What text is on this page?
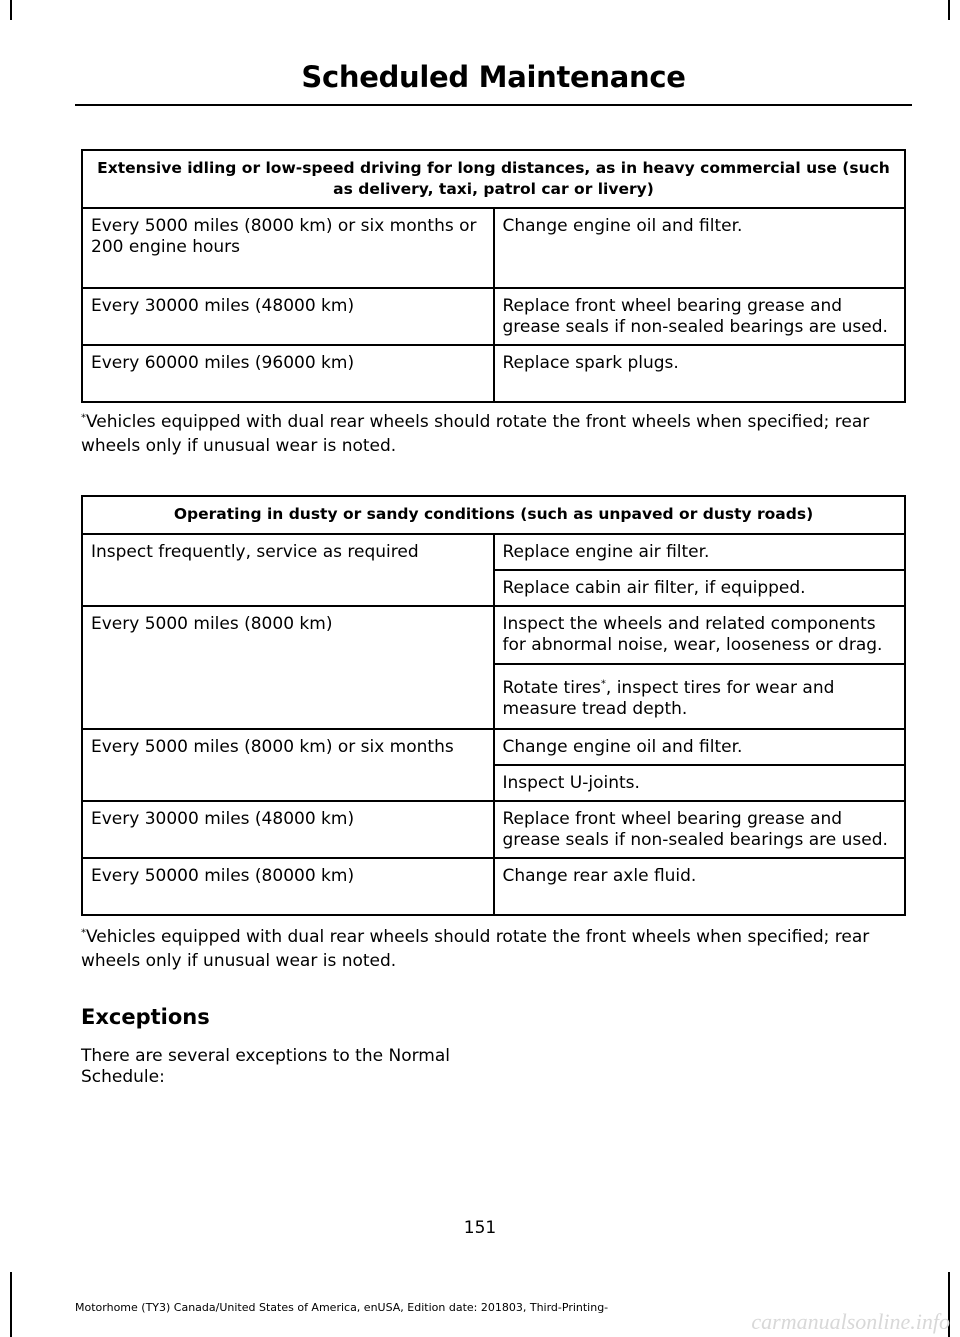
Scheduled Maintenance
Extensive idling or low-speed driving for long distances, as in heavy commercial use (such as delivery, taxi, patrol car or livery)	
Every 5000 miles (8000 km) or six months or 200 engine hours	Change engine oil and filter.
Every 30000 miles (48000 km)	Replace front wheel bearing grease and grease seals if non-sealed bearings are used.
Every 60000 miles (96000 km)	Replace spark plugs.
*Vehicles equipped with dual rear wheels should rotate the front wheels when specified; rear wheels only if unusual wear is noted.
Operating in dusty or sandy conditions (such as unpaved or dusty roads)	
Inspect frequently, service as required	Replace engine air filter.
	Replace cabin air filter, if equipped.
Every 5000 miles (8000 km)	Inspect the wheels and related components for abnormal noise, wear, looseness or drag.
	Rotate tires*, inspect tires for wear and measure tread depth.
Every 5000 miles (8000 km) or six months	Change engine oil and filter.
	Inspect U-joints.
Every 30000 miles (48000 km)	Replace front wheel bearing grease and grease seals if non-sealed bearings are used.
Every 50000 miles (80000 km)	Change rear axle fluid.
*Vehicles equipped with dual rear wheels should rotate the front wheels when specified; rear wheels only if unusual wear is noted.
Exceptions
There are several exceptions to the Normal Schedule:
151
Motorhome (TY3) Canada/United States of America, enUSA, Edition date: 201803, Third-Printing-
carmanualsonline.info
